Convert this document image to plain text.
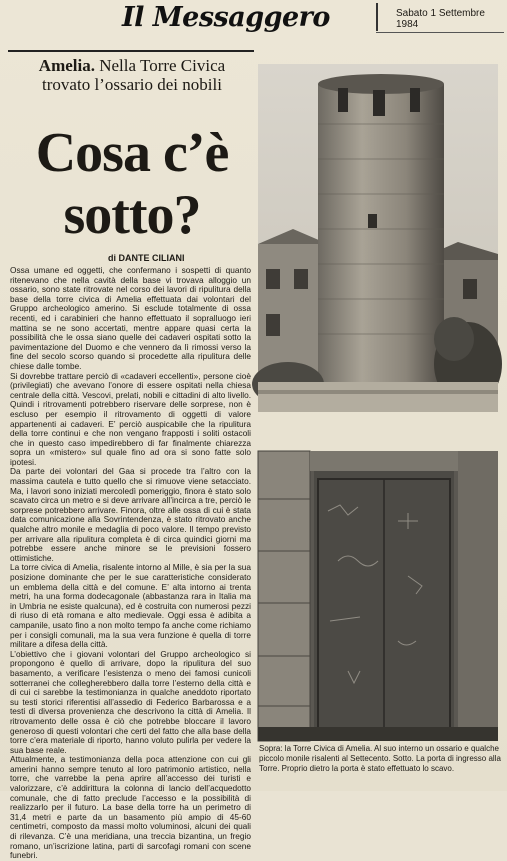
Il Messaggero	Sabato 1 Settembre 1984
Amelia. Nella Torre Civica trovato l’ossario dei nobili
Cosa c’è
sotto?
di DANTE CILIANI

Ossa umane ed oggetti, che confermano i sospetti di quanto ritenevano che nella cavità della base vi trovava alloggio un ossario, sono state ritrovate nel corso dei lavori di ripulitura della base della torre civica di Amelia effettuata dai volontari del Gruppo archeologico amerino. Si esclude totalmente di ossa recenti, ed i carabinieri che hanno effettuato il sopralluogo ieri mattina se ne sono accertati, mentre appare quasi certa la possibilità che le ossa siano quelle dei cadaveri ospitati sotto la pavimentazione del Duomo e che vennero da lì rimossi verso la fine del secolo scorso quando si procedette alla ripulitura delle chiese dalle tombe.

Si dovrebbe trattare perciò di «cadaveri eccellenti», persone cioè (privilegiati) che avevano l’onore di essere ospitati nella chiesa centrale della città. Vescovi, prelati, nobili e cittadini di alto livello. Quindi i ritrovamenti potrebbero riservare delle sorprese, non è escluso per esempio il ritrovamento di oggetti di valore appartenenti ai cadaveri. E’ perciò auspicabile che la ripulitura della torre continui e che non vengano frapposti i soliti ostacoli che in questo caso impedirebbero di far finalmente chiarezza sopra un «mistero» sul quale fino ad ora si sono fatte solo ipotesi.

Da parte dei volontari del Gaa si procede tra l’altro con la massima cautela e tutto quello che si rimuove viene setacciato. Ma, i lavori sono iniziati mercoledì pomeriggio, finora è stato solo scavato circa un metro e si deve arrivare all’incirca a tre, perciò le sorprese potrebbero arrivare. Finora, oltre alle ossa di cui è stata data comunicazione alla Sovrintendenza, è stato ritrovato anche qualche altro monile e medaglia di poco valore. Il tempo previsto per arrivare alla ripulitura completa è di circa quindici giorni ma potrebbe essere anche minore se le previsioni fossero ottimistiche.

La torre civica di Amelia, risalente intorno al Mille, è sia per la sua posizione dominante che per le sue caratteristiche considerato un emblema della città e del comune. E’ alta intorno ai trenta metri, ha una forma dodecagonale (abbastanza rara in Italia ma in Umbria ne esiste qualcuna), ed è costruita con numerosi pezzi di riuso di età romana e alto medievale. Oggi essa è adibita a campanile, usato fino a non molto tempo fa anche come richiamo per i consigli comunali, ma la sua vera funzione è quella di torre militare a difesa della città.

L’obiettivo che i giovani volontari del Gruppo archeologico si propongono è quello di arrivare, dopo la ripulitura del suo basamento, a verificare l’esistenza o meno dei famosi cunicoli sotterranei che collegherebbero dalla torre l’esterno della città e di cui ci sarebbe la testimonianza in qualche aneddoto riportato su testi storici riferentisi all’assedio di Federico Barbarossa e a testi di diversa provenienza che descrivono la città di Amelia. Il ritrovamento delle ossa è ciò che potrebbe bloccare il lavoro generoso di questi volontari che certi del fatto che alla base della torre c’era materiale di riporto, hanno voluto pulirla per vedere la sua base reale.

Attualmente, a testimonianza della poca attenzione con cui gli amerini hanno sempre tenuto al loro patrimonio artistico, nella torre, che varrebbe la pena aprire all’accesso dei turisti e valorizzare, c’è addirittura la colonna di lancio dell’acquedotto comunale, che di fatto preclude l’accesso e la possibilità di realizzarlo per il futuro. La base della torre ha un perimetro di 31,4 metri e parte da un basamento più ampio di 45-60 centimetri, composto da massi molto voluminosi, alcuni dei quali di rilevanza. C’è una meridiana, una treccia bizantina, un fregio romano, un’iscrizione latina, parti di sarcofagi romani con scene funebri.

Sopra: la Torre Civica di Amelia. Al suo interno un ossario e qualche piccolo monile risalenti al Settecento. Sotto. La porta di ingresso alla Torre. Proprio dietro la porta è stato effettuato lo scavo.
